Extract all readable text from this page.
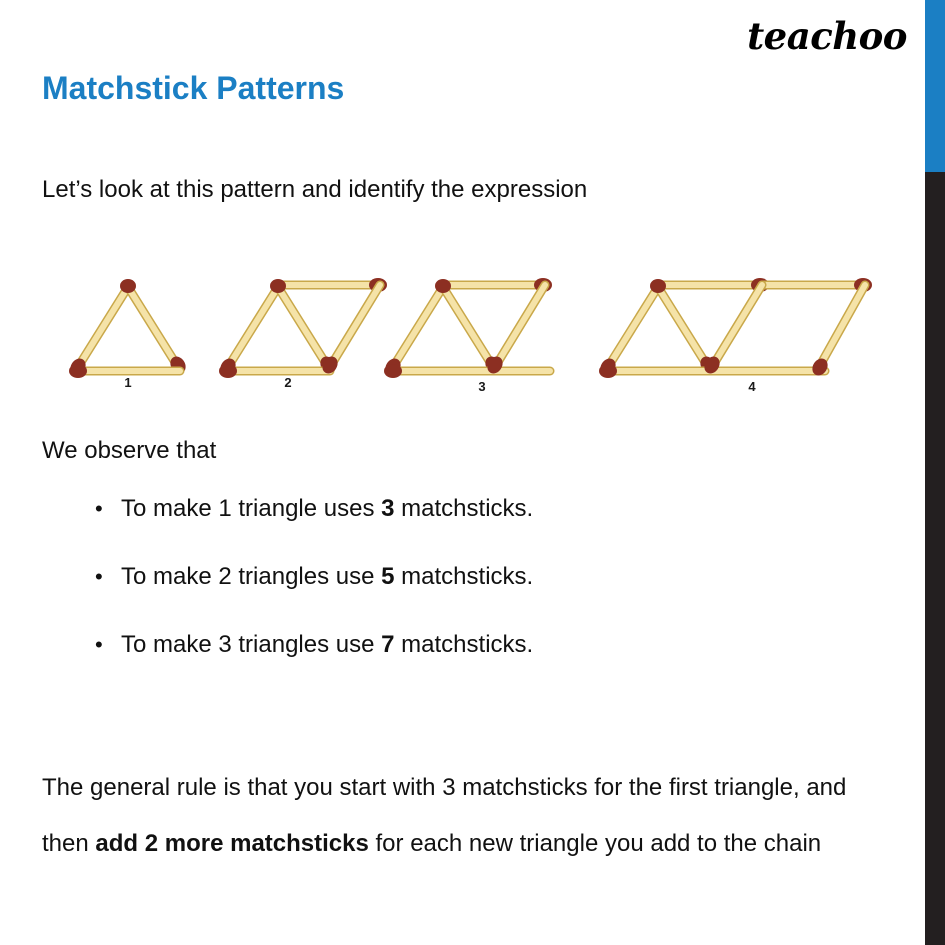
teachoo
Matchstick Patterns
Let’s look at this pattern and identify the expression
1	2	3	4
We observe that
• To make 1 triangle uses 3 matchsticks.
• To make 2 triangles use 5 matchsticks.
• To make 3 triangles use 7 matchsticks.
The general rule is that you start with 3 matchsticks for the first triangle, and then add 2 more matchsticks for each new triangle you add to the chain
